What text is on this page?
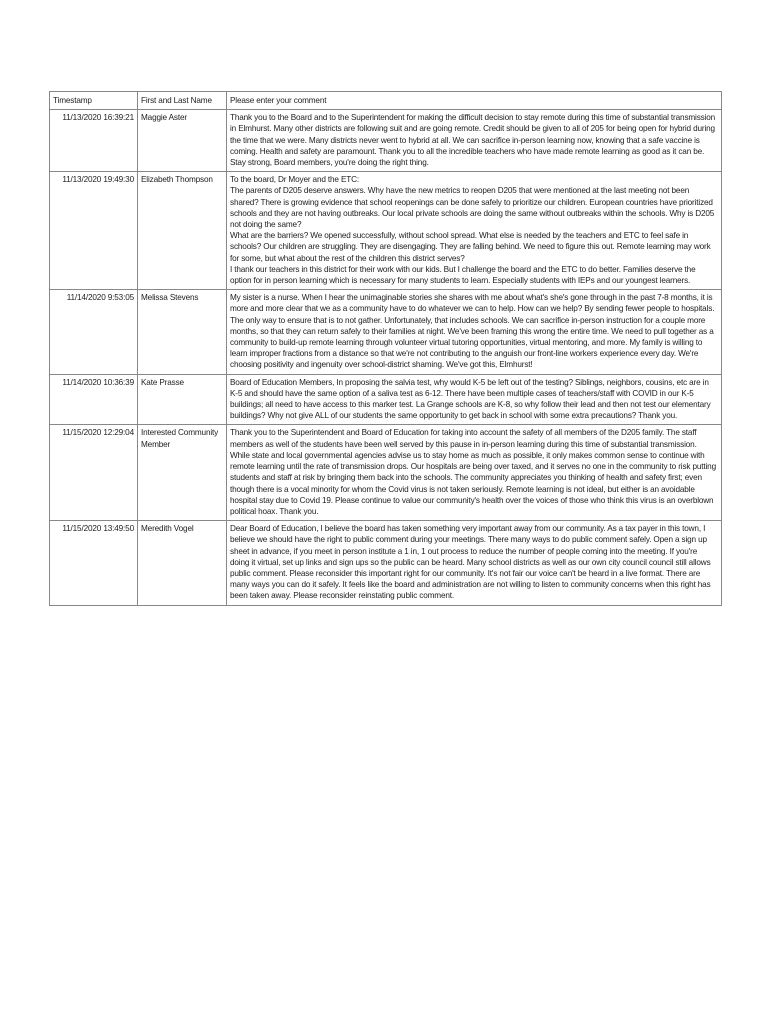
Timestamp	First and Last Name	Please enter your comment
11/13/2020 16:39:21	Maggie Aster	Thank you to the Board and to the Superintendent for making the difficult decision to stay remote during this time of substantial transmission in Elmhurst. Many other districts are following suit and are going remote. Credit should be given to all of 205 for being open for hybrid during the time that we were. Many districts never went to hybrid at all. We can sacrifice in-person learning now, knowing that a safe vaccine is coming. Health and safety are paramount. Thank you to all the incredible teachers who have made remote learning as good as it can be. Stay strong, Board members, you're doing the right thing.

11/13/2020 19:49:30	Elizabeth Thompson	To the board, Dr Moyer and the ETC:
The parents of D205 deserve answers. Why have the new metrics to reopen D205 that were mentioned at the last meeting not been shared? There is growing evidence that school reopenings can be done safely to prioritize our children. European countries have prioritized schools and they are not having outbreaks. Our local private schools are doing the same without outbreaks within the schools. Why is D205 not doing the same?
What are the barriers? We opened successfully, without school spread. What else is needed by the teachers and ETC to feel safe in schools? Our children are struggling. They are disengaging. They are falling behind. We need to figure this out. Remote learning may work for some, but what about the rest of the children this district serves?
I thank our teachers in this district for their work with our kids. But I challenge the board and the ETC to do better. Families deserve the option for in person learning which is necessary for many students to learn. Especially students with IEPs and our youngest learners.

11/14/2020 9:53:05	Melissa Stevens	My sister is a nurse. When I hear the unimaginable stories she shares with me about what's she's gone through in the past 7-8 months, it is more and more clear that we as a community have to do whatever we can to help. How can we help? By sending fewer people to hospitals. The only way to ensure that is to not gather. Unfortunately, that includes schools. We can sacrifice in-person instruction for a couple more months, so that they can return safely to their families at night. We've been framing this wrong the entire time. We need to pull together as a community to build-up remote learning through volunteer virtual tutoring opportunities, virtual mentoring, and more. My family is willing to learn improper fractions from a distance so that we're not contributing to the anguish our front-line workers experience every day. We're choosing positivity and ingenuity over school-district shaming. We've got this, Elmhurst!

11/14/2020 10:36:39	Kate Prasse	Board of Education Members, In proposing the salvia test, why would K-5 be left out of the testing? Siblings, neighbors, cousins, etc are in K-5 and should have the same option of a saliva test as 6-12. There have been multiple cases of teachers/staff with COVID in our K-5 buildings; all need to have access to this marker test. La Grange schools are K-8, so why follow their lead and then not test our elementary buildings? Why not give ALL of our students the same opportunity to get back in school with some extra precautions? Thank you.

11/15/2020 12:29:04	Interested Community Member	Thank you to the Superintendent and Board of Education for taking into account the safety of all members of the D205 family. The staff members as well of the students have been well served by this pause in in-person learning during this time of substantial transmission. While state and local governmental agencies advise us to stay home as much as possible, it only makes common sense to continue with remote learning until the rate of transmission drops. Our hospitals are being over taxed, and it serves no one in the community to risk putting students and staff at risk by bringing them back into the schools. The community appreciates you thinking of health and safety first; even though there is a vocal minority for whom the Covid virus is not taken seriously. Remote learning is not ideal, but either is an avoidable hospital stay due to Covid 19. Please continue to value our community's health over the voices of those who think this virus is an overblown political hoax. Thank you.

11/15/2020 13:49:50	Meredith Vogel	Dear Board of Education, I believe the board has taken something very important away from our community. As a tax payer in this town, I believe we should have the right to public comment during your meetings. There many ways to do public comment safely. Open a sign up sheet in advance, if you meet in person institute a 1 in, 1 out process to reduce the number of people coming into the meeting. If you're doing it virtual, set up links and sign ups so the public can be heard. Many school districts as well as our own city council council still allows public comment. Please reconsider this important right for our community. It's not fair our voice can't be heard in a live format. There are many ways you can do it safely. It feels like the board and administration are not willing to listen to community concerns when this right has been taken away. Please reconsider reinstating public comment.
